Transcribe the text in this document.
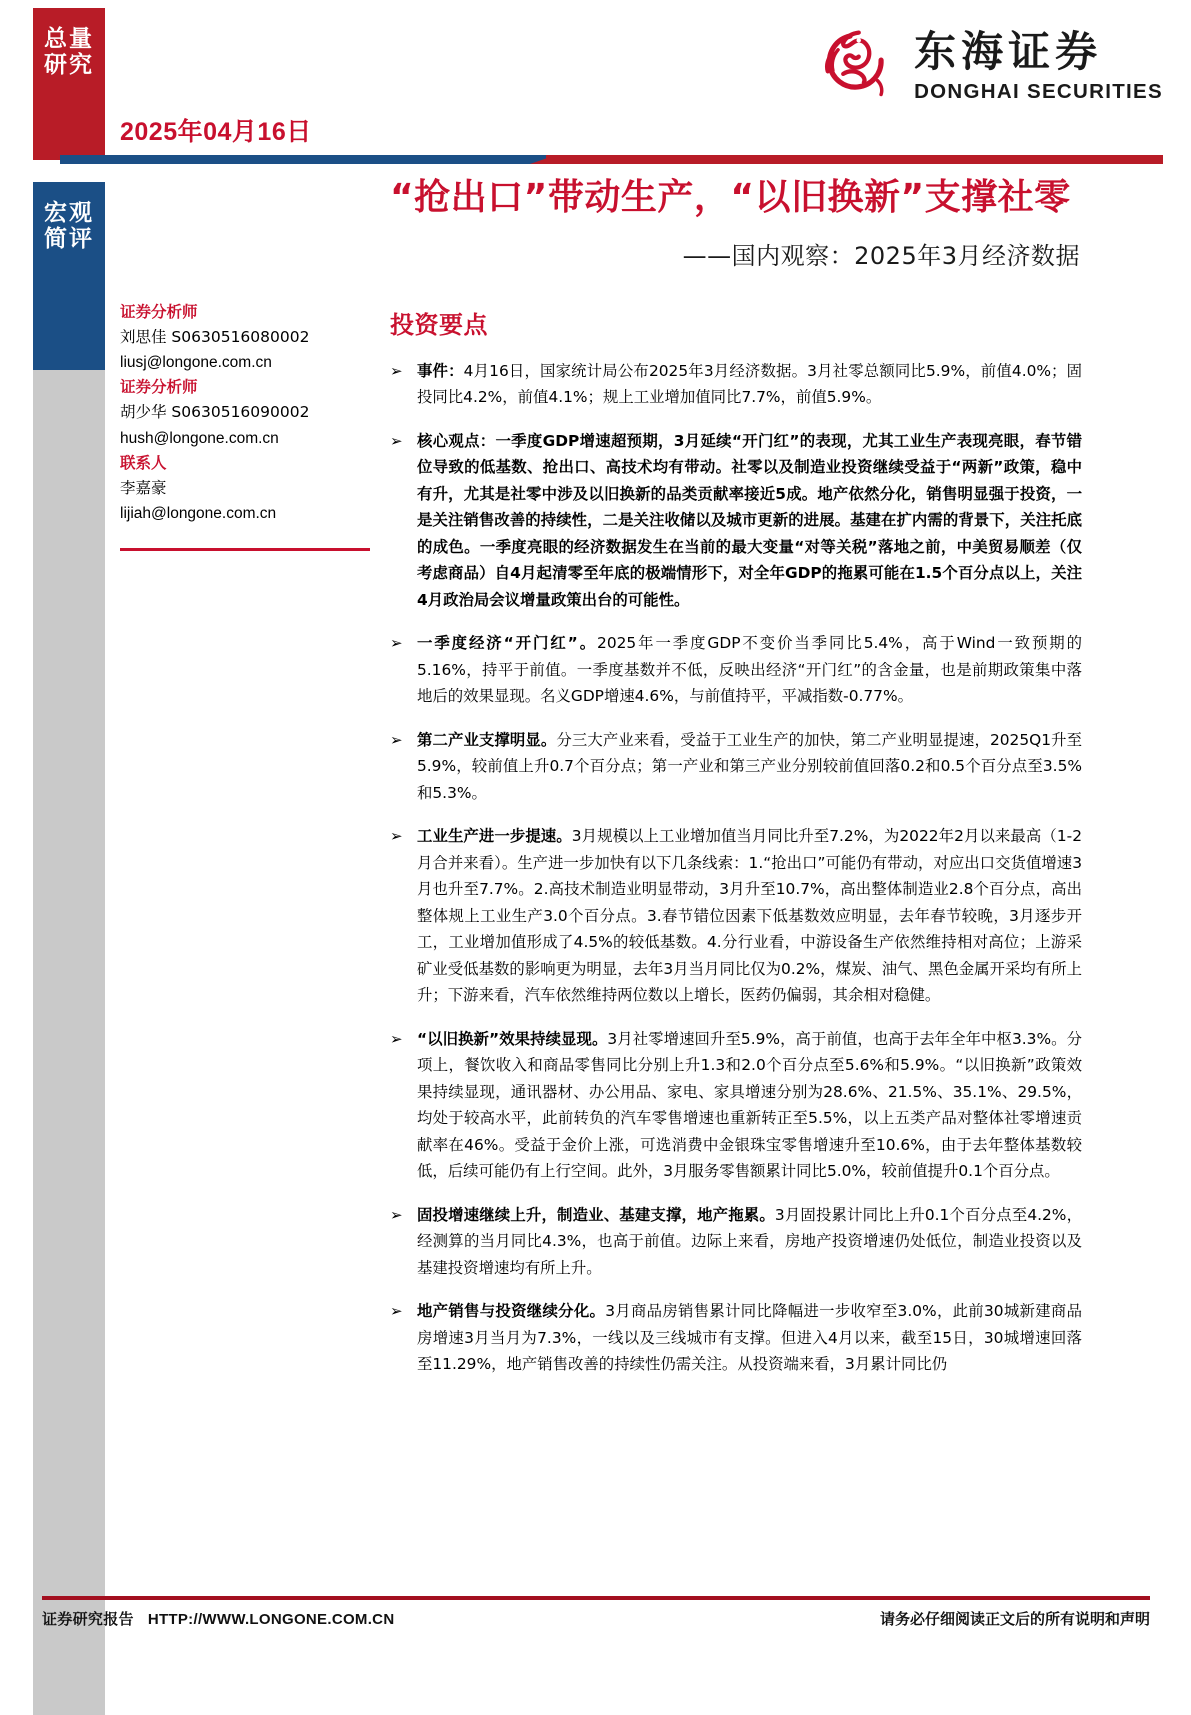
总量研究
宏观简评
2025年04月16日
东海证券
DONGHAI SECURITIES
“抢出口”带动生产，“以旧换新”支撑社零
——国内观察：2025年3月经济数据
证券分析师
刘思佳 S0630516080002
liusj@longone.com.cn
证券分析师
胡少华 S0630516090002
hush@longone.com.cn
联系人
李嘉豪
lijiah@longone.com.cn
投资要点
➢ 事件：4月16日，国家统计局公布2025年3月经济数据。3月社零总额同比5.9%，前值4.0%；固投同比4.2%，前值4.1%；规上工业增加值同比7.7%，前值5.9%。
➢ 核心观点：一季度GDP增速超预期，3月延续“开门红”的表现，尤其工业生产表现亮眼，春节错位导致的低基数、抢出口、高技术均有带动。社零以及制造业投资继续受益于“两新”政策，稳中有升，尤其是社零中涉及以旧换新的品类贡献率接近5成。地产依然分化，销售明显强于投资，一是关注销售改善的持续性，二是关注收储以及城市更新的进展。基建在扩内需的背景下，关注托底的成色。一季度亮眼的经济数据发生在当前的最大变量“对等关税”落地之前，中美贸易顺差（仅考虑商品）自4月起清零至年底的极端情形下，对全年GDP的拖累可能在1.5个百分点以上，关注4月政治局会议增量政策出台的可能性。
➢ 一季度经济“开门红”。2025年一季度GDP不变价当季同比5.4%，高于Wind一致预期的5.16%，持平于前值。一季度基数并不低，反映出经济“开门红”的含金量，也是前期政策集中落地后的效果显现。名义GDP增速4.6%，与前值持平，平减指数-0.77%。
➢ 第二产业支撑明显。分三大产业来看，受益于工业生产的加快，第二产业明显提速，2025Q1升至5.9%，较前值上升0.7个百分点；第一产业和第三产业分别较前值回落0.2和0.5个百分点至3.5%和5.3%。
➢ 工业生产进一步提速。3月规模以上工业增加值当月同比升至7.2%，为2022年2月以来最高（1-2月合并来看）。生产进一步加快有以下几条线索：1.“抢出口”可能仍有带动，对应出口交货值增速3月也升至7.7%。2.高技术制造业明显带动，3月升至10.7%，高出整体制造业2.8个百分点，高出整体规上工业生产3.0个百分点。3.春节错位因素下低基数效应明显，去年春节较晚，3月逐步开工，工业增加值形成了4.5%的较低基数。4.分行业看，中游设备生产依然维持相对高位；上游采矿业受低基数的影响更为明显，去年3月当月同比仅为0.2%，煤炭、油气、黑色金属开采均有所上升；下游来看，汽车依然维持两位数以上增长，医药仍偏弱，其余相对稳健。
➢ “以旧换新”效果持续显现。3月社零增速回升至5.9%，高于前值，也高于去年全年中枢3.3%。分项上，餐饮收入和商品零售同比分别上升1.3和2.0个百分点至5.6%和5.9%。“以旧换新”政策效果持续显现，通讯器材、办公用品、家电、家具增速分别为28.6%、21.5%、35.1%、29.5%，均处于较高水平，此前转负的汽车零售增速也重新转正至5.5%，以上五类产品对整体社零增速贡献率在46%。受益于金价上涨，可选消费中金银珠宝零售增速升至10.6%，由于去年整体基数较低，后续可能仍有上行空间。此外，3月服务零售额累计同比5.0%，较前值提升0.1个百分点。
➢ 固投增速继续上升，制造业、基建支撑，地产拖累。3月固投累计同比上升0.1个百分点至4.2%，经测算的当月同比4.3%，也高于前值。边际上来看，房地产投资增速仍处低位，制造业投资以及基建投资增速均有所上升。
➢ 地产销售与投资继续分化。3月商品房销售累计同比降幅进一步收窄至3.0%，此前30城新建商品房增速3月当月为7.3%，一线以及三线城市有支撑。但进入4月以来，截至15日，30城增速回落至11.29%，地产销售改善的持续性仍需关注。从投资端来看，3月累计同比仍
证券研究报告 HTTP://WWW.LONGONE.COM.CN	请务必仔细阅读正文后的所有说明和声明
